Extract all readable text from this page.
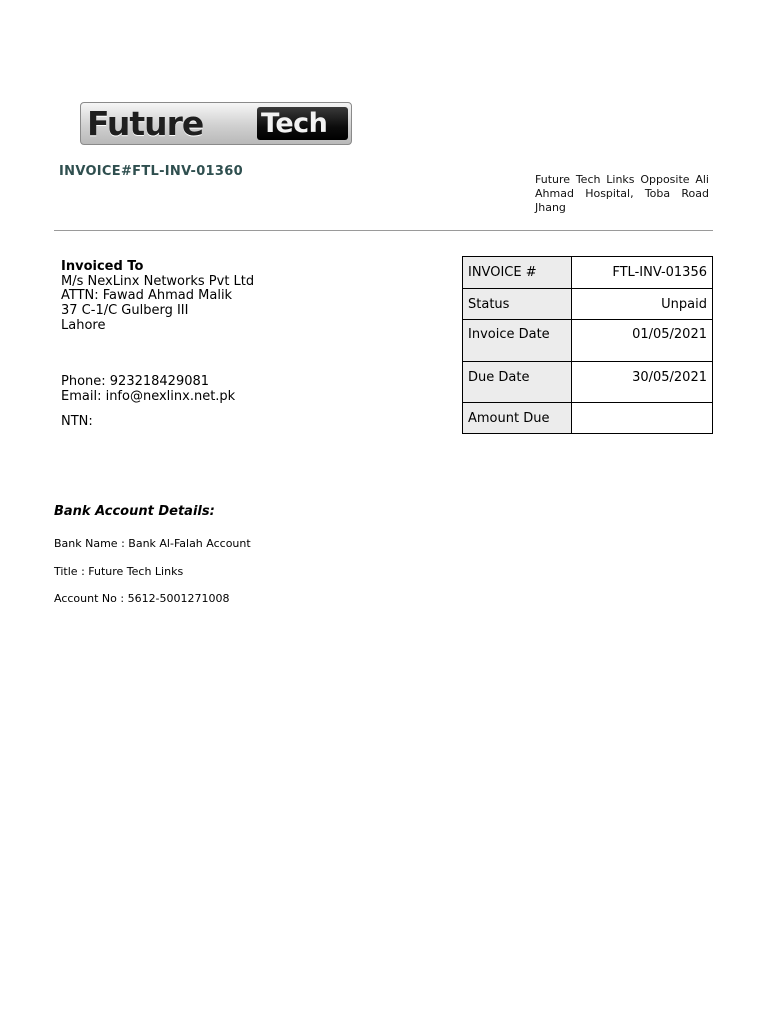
Future Tech
INVOICE#FTL-INV-01360
Future Tech Links Opposite Ali Ahmad Hospital, Toba Road Jhang
Invoiced To
M/s NexLinx Networks Pvt Ltd
ATTN: Fawad Ahmad Malik
37 C-1/C Gulberg III
Lahore
Phone: 923218429081
Email: info@nexlinx.net.pk
NTN:
INVOICE #	FTL-INV-01356
Status	Unpaid
Invoice Date	01/05/2021
Due Date	30/05/2021
Amount Due	
Bank Account Details:
Bank Name : Bank Al-Falah Account
Title : Future Tech Links
Account No : 5612-5001271008
